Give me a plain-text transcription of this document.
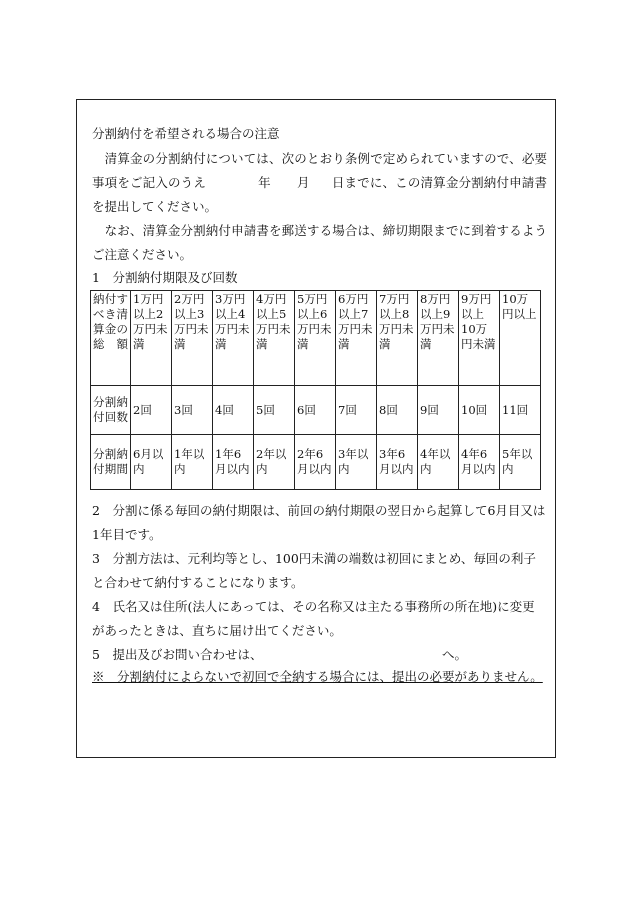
分割納付を希望される場合の注意
　清算金の分割納付については、次のとおり条例で定められていますので、必要事項をご記入のうえ	年 月 日までに、この清算金分割納付申請書を提出してください。
　なお、清算金分割納付申請書を郵送する場合は、締切期限までに到着するようご注意ください。
1　分割納付期限及び回数
納付すべき清算金の総額	1万円以上2万円未満	2万円以上3万円未満	3万円以上4万円未満	4万円以上5万円未満	5万円以上6万円未満	6万円以上7万円未満	7万円以上8万円未満	8万円以上9万円未満	9万円以上10万円未満	10万円以上
分割納付回数	2回	3回	4回	5回	6回	7回	8回	9回	10回	11回
分割納付期間	6月以内	1年以内	1年6月以内	2年以内	2年6月以内	3年以内	3年6月以内	4年以内	4年6月以内	5年以内
2　分割に係る毎回の納付期限は、前回の納付期限の翌日から起算して6月目又は1年目です。
3　分割方法は、元利均等とし、100円未満の端数は初回にまとめ、毎回の利子と合わせて納付することになります。
4　氏名又は住所(法人にあっては、その名称又は主たる事務所の所在地)に変更があったときは、直ちに届け出てください。
5　提出及びお問い合わせは、	へ。
※　分割納付によらないで初回で全納する場合には、提出の必要がありません。
